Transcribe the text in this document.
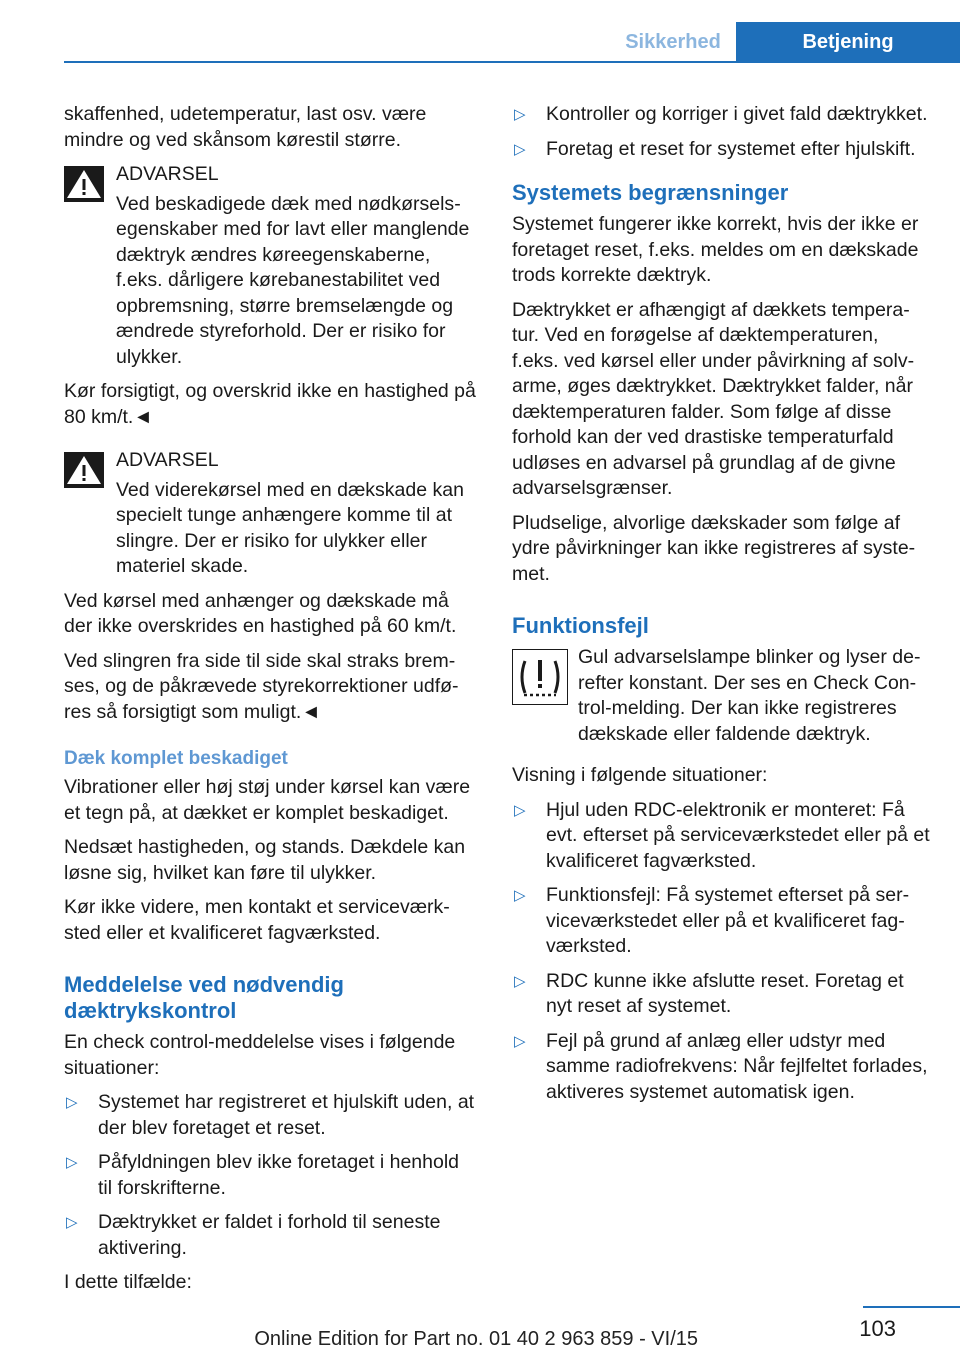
Sikkerhed	Betjening

skaffenhed, udetemperatur, last osv. være mindre og ved skånsom kørestil større.

ADVARSEL

Ved beskadigede dæk med nødkørselsegenskaber med for lavt eller manglende dæktryk ændres køreegenskaberne, f.eks. dårligere kørebanestabilitet ved opbremsning, større bremselængde og ændrede styreforhold. Der er risiko for ulykker.

Kør forsigtigt, og overskrid ikke en hastighed på 80 km/t.◄

ADVARSEL

Ved viderekørsel med en dækskade kan specielt tunge anhængere komme til at slingre. Der er risiko for ulykker eller materiel skade.

Ved kørsel med anhænger og dækskade må der ikke overskrides en hastighed på 60 km/t.

Ved slingren fra side til side skal straks bremses, og de påkrævede styrekorrektioner udføres så forsigtigt som muligt.◄

Dæk komplet beskadiget

Vibrationer eller høj støj under kørsel kan være et tegn på, at dækket er komplet beskadiget.

Nedsæt hastigheden, og stands. Dækdele kan løsne sig, hvilket kan føre til ulykker.

Kør ikke videre, men kontakt et serviceværksted eller et kvalificeret fagværksted.

Meddelelse ved nødvendig dæktrykskontrol

En check control-meddelelse vises i følgende situationer:

▷ Systemet har registreret et hjulskift uden, at der blev foretaget et reset.
▷ Påfyldningen blev ikke foretaget i henhold til forskrifterne.
▷ Dæktrykket er faldet i forhold til seneste aktivering.

I dette tilfælde:

▷ Kontroller og korriger i givet fald dæktrykket.
▷ Foretag et reset for systemet efter hjulskift.
Systemets begrænsninger

Systemet fungerer ikke korrekt, hvis der ikke er foretaget reset, f.eks. meldes om en dækskade trods korrekte dæktryk.

Dæktrykket er afhængigt af dækkets temperatur. Ved en forøgelse af dæktemperaturen, f.eks. ved kørsel eller under påvirkning af solvarme, øges dæktrykket. Dæktrykket falder, når dæktemperaturen falder. Som følge af disse forhold kan der ved drastiske temperaturfald udløses en advarsel på grundlag af de givne advarselsgrænser.

Pludselige, alvorlige dækskader som følge af ydre påvirkninger kan ikke registreres af systemet.

Funktionsfejl

Gul advarselslampe blinker og lyser derefter konstant. Der ses en Check Control-melding. Der kan ikke registreres dækskade eller faldende dæktryk.

Visning i følgende situationer:

▷ Hjul uden RDC-elektronik er monteret: Få evt. efterset på serviceværkstedet eller på et kvalificeret fagværksted.
▷ Funktionsfejl: Få systemet efterset på serviceværkstedet eller på et kvalificeret fagværksted.
▷ RDC kunne ikke afslutte reset. Foretag et nyt reset af systemet.
▷ Fejl på grund af anlæg eller udstyr med samme radiofrekvens: Når fejlfeltet forlades, aktiveres systemet automatisk igen.
103
Online Edition for Part no. 01 40 2 963 859 - VI/15
